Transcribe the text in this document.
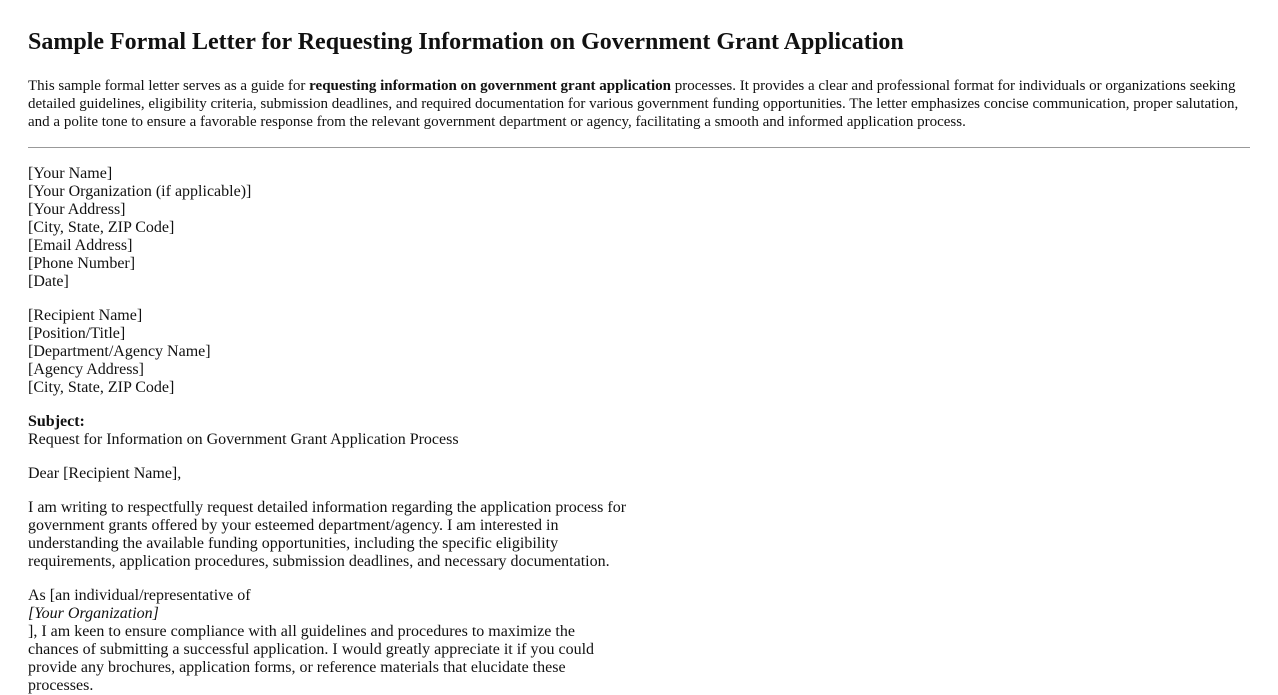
Sample Formal Letter for Requesting Information on Government Grant Application

This sample formal letter serves as a guide for requesting information on government grant application processes. It provides a clear and professional format for individuals or organizations seeking detailed guidelines, eligibility criteria, submission deadlines, and required documentation for various government funding opportunities. The letter emphasizes concise communication, proper salutation, and a polite tone to ensure a favorable response from the relevant government department or agency, facilitating a smooth and informed application process.

[Your Name]
[Your Organization (if applicable)]
[Your Address]
[City, State, ZIP Code]
[Email Address]
[Phone Number]
[Date]
[Recipient Name]
[Position/Title]
[Department/Agency Name]
[Agency Address]
[City, State, ZIP Code]

Subject:
Request for Information on Government Grant Application Process

Dear [Recipient Name],

I am writing to respectfully request detailed information regarding the application process for government grants offered by your esteemed department/agency. I am interested in understanding the available funding opportunities, including the specific eligibility requirements, application procedures, submission deadlines, and necessary documentation.

As [an individual/representative of
[Your Organization]
], I am keen to ensure compliance with all guidelines and procedures to maximize the chances of submitting a successful application. I would greatly appreciate it if you could provide any brochures, application forms, or reference materials that elucidate these processes.
